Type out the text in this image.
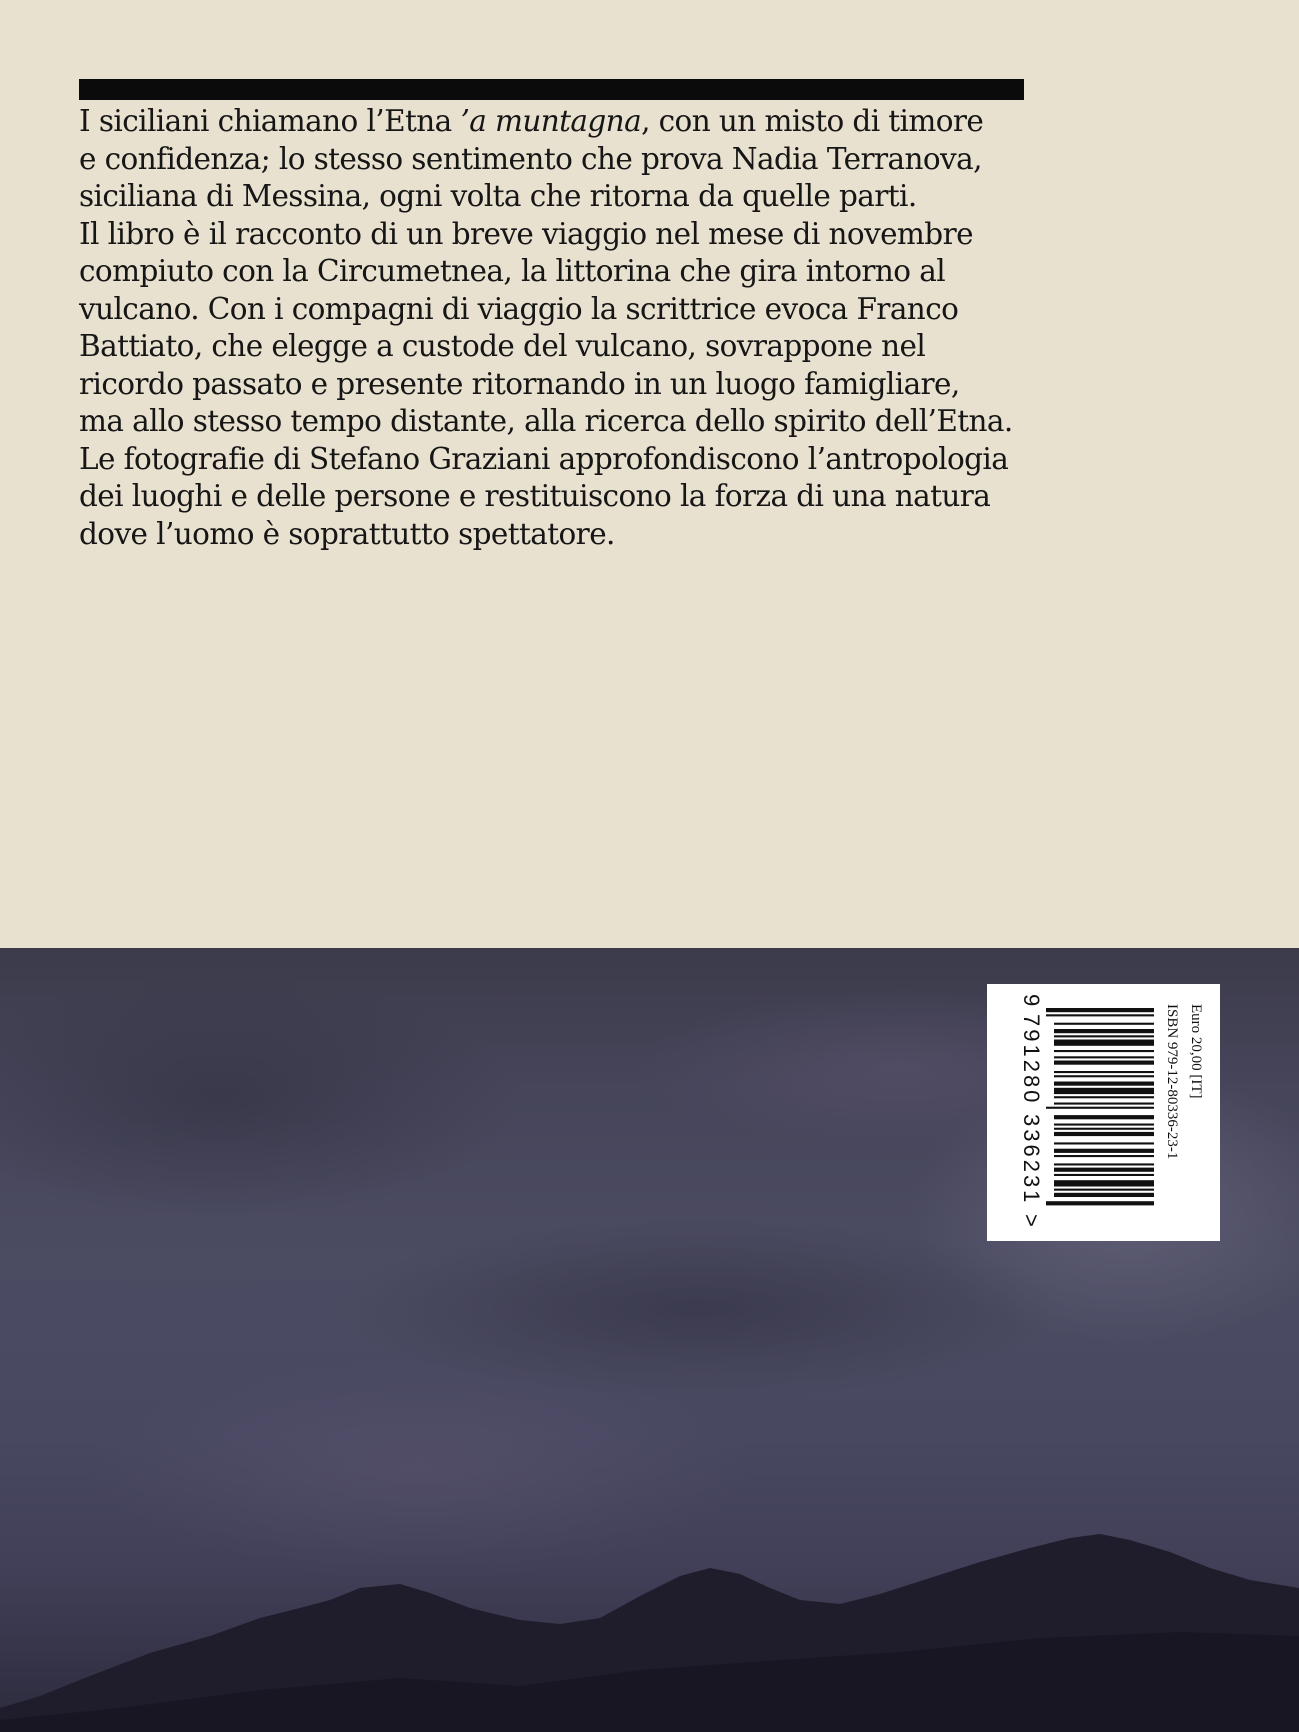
I siciliani chiamano l’Etna ’a muntagna, con un misto di timore
e confidenza; lo stesso sentimento che prova Nadia Terranova,
siciliana di Messina, ogni volta che ritorna da quelle parti.
Il libro è il racconto di un breve viaggio nel mese di novembre
compiuto con la Circumetnea, la littorina che gira intorno al
vulcano. Con i compagni di viaggio la scrittrice evoca Franco
Battiato, che elegge a custode del vulcano, sovrappone nel
ricordo passato e presente ritornando in un luogo famigliare,
ma allo stesso tempo distante, alla ricerca dello spirito dell’Etna.
Le fotografie di Stefano Graziani approfondiscono l’antropologia
dei luoghi e delle persone e restituiscono la forza di una natura
dove l’uomo è soprattutto spettatore.

Euro 20,00 [IT]
ISBN 979-12-80336-23-1
9
791280
336231
>
